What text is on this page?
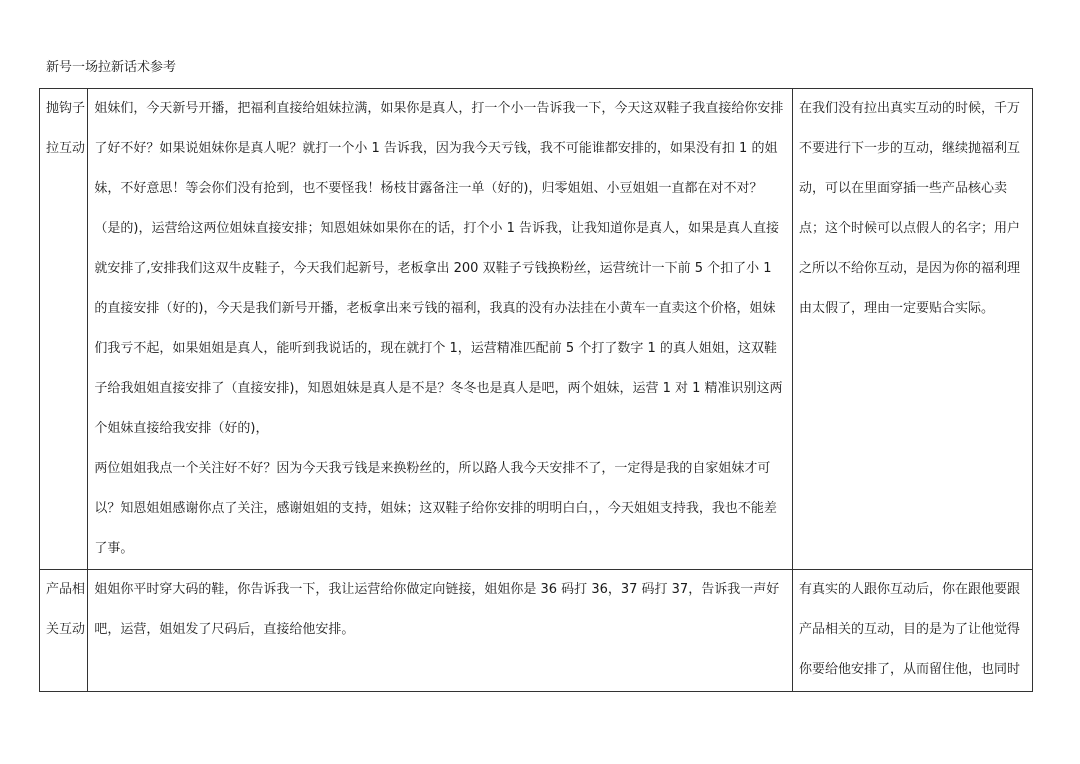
新号一场拉新话术参考
抛钩子拉互动	姐妹们，今天新号开播，把福利直接给姐妹拉满，如果你是真人，打一个小一告诉我一下，今天这双鞋子我直接给你安排了好不好？如果说姐妹你是真人呢？就打一个小 1 告诉我，因为我今天亏钱，我不可能谁都安排的，如果没有扣 1 的姐妹，不好意思！等会你们没有抢到，也不要怪我！杨枝甘露备注一单（好的)，归零姐姐、小豆姐姐一直都在对不对？（是的)，运营给这两位姐妹直接安排；知恩姐妹如果你在的话，打个小 1 告诉我，让我知道你是真人，如果是真人直接就安排了,安排我们这双牛皮鞋子，今天我们起新号，老板拿出 200 双鞋子亏钱换粉丝，运营统计一下前 5 个扣了小 1 的直接安排（好的)，今天是我们新号开播，老板拿出来亏钱的福利，我真的没有办法挂在小黄车一直卖这个价格，姐妹们我亏不起，如果姐姐是真人，能听到我说话的，现在就打个 1，运营精准匹配前 5 个打了数字 1 的真人姐姐，这双鞋子给我姐姐直接安排了（直接安排)，知恩姐妹是真人是不是？冬冬也是真人是吧，两个姐妹，运营 1 对 1 精准识别这两个姐妹直接给我安排（好的)，
两位姐姐我点一个关注好不好？因为今天我亏钱是来换粉丝的，所以路人我今天安排不了，一定得是我的自家姐妹才可以？知恩姐姐感谢你点了关注，感谢姐姐的支持，姐妹；这双鞋子给你安排的明明白白，，今天姐姐支持我，我也不能差了事。	在我们没有拉出真实互动的时候，千万不要进行下一步的互动，继续抛福利互动，可以在里面穿插一些产品核心卖点；这个时候可以点假人的名字；用户之所以不给你互动，是因为你的福利理由太假了，理由一定要贴合实际。
产品相关互动	姐姐你平时穿大码的鞋，你告诉我一下，我让运营给你做定向链接，姐姐你是 36 码打 36，37 码打 37，告诉我一声好吧，运营，姐姐发了尺码后，直接给他安排。	有真实的人跟你互动后，你在跟他要跟产品相关的互动，目的是为了让他觉得你要给他安排了，从而留住他，也同时
